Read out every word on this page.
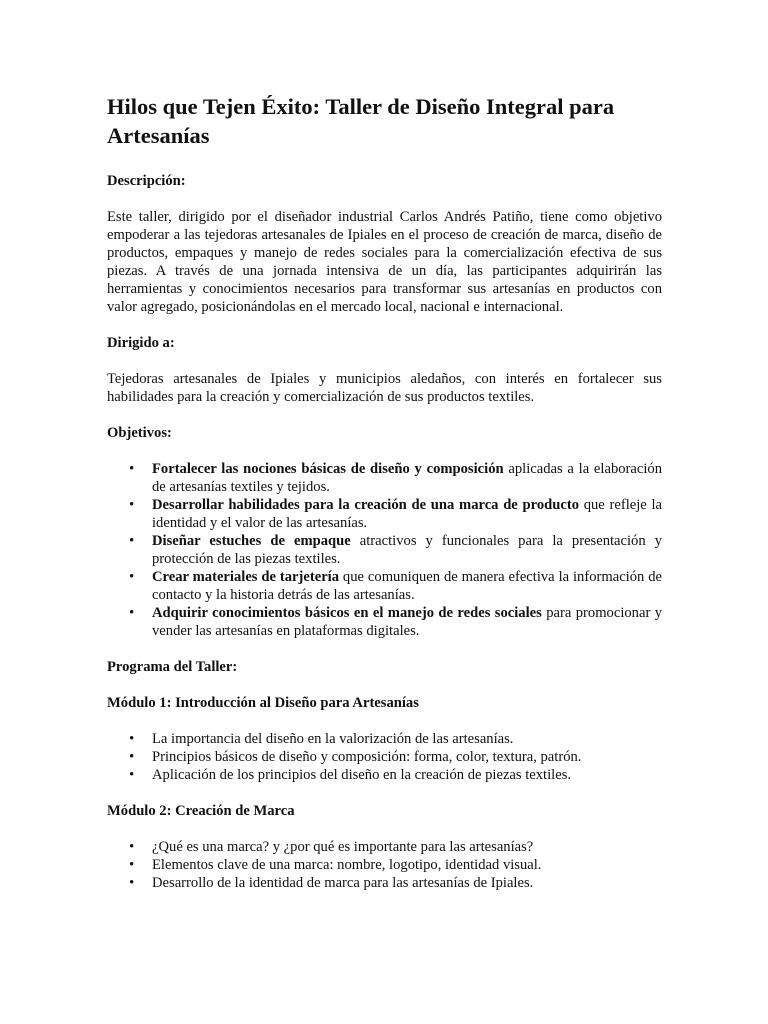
Hilos que Tejen Éxito: Taller de Diseño Integral para Artesanías

Descripción:

Este taller, dirigido por el diseñador industrial Carlos Andrés Patiño, tiene como objetivo empoderar a las tejedoras artesanales de Ipiales en el proceso de creación de marca, diseño de productos, empaques y manejo de redes sociales para la comercialización efectiva de sus piezas. A través de una jornada intensiva de un día, las participantes adquirirán las herramientas y conocimientos necesarios para transformar sus artesanías en productos con valor agregado, posicionándolas en el mercado local, nacional e internacional.

Dirigido a:

Tejedoras artesanales de Ipiales y municipios aledaños, con interés en fortalecer sus habilidades para la creación y comercialización de sus productos textiles.

Objetivos:

• Fortalecer las nociones básicas de diseño y composición aplicadas a la elaboración de artesanías textiles y tejidos.
• Desarrollar habilidades para la creación de una marca de producto que refleje la identidad y el valor de las artesanías.
• Diseñar estuches de empaque atractivos y funcionales para la presentación y protección de las piezas textiles.
• Crear materiales de tarjetería que comuniquen de manera efectiva la información de contacto y la historia detrás de las artesanías.
• Adquirir conocimientos básicos en el manejo de redes sociales para promocionar y vender las artesanías en plataformas digitales.

Programa del Taller:

Módulo 1: Introducción al Diseño para Artesanías

• La importancia del diseño en la valorización de las artesanías.
• Principios básicos de diseño y composición: forma, color, textura, patrón.
• Aplicación de los principios del diseño en la creación de piezas textiles.

Módulo 2: Creación de Marca

• ¿Qué es una marca? y ¿por qué es importante para las artesanías?
• Elementos clave de una marca: nombre, logotipo, identidad visual.
• Desarrollo de la identidad de marca para las artesanías de Ipiales.
